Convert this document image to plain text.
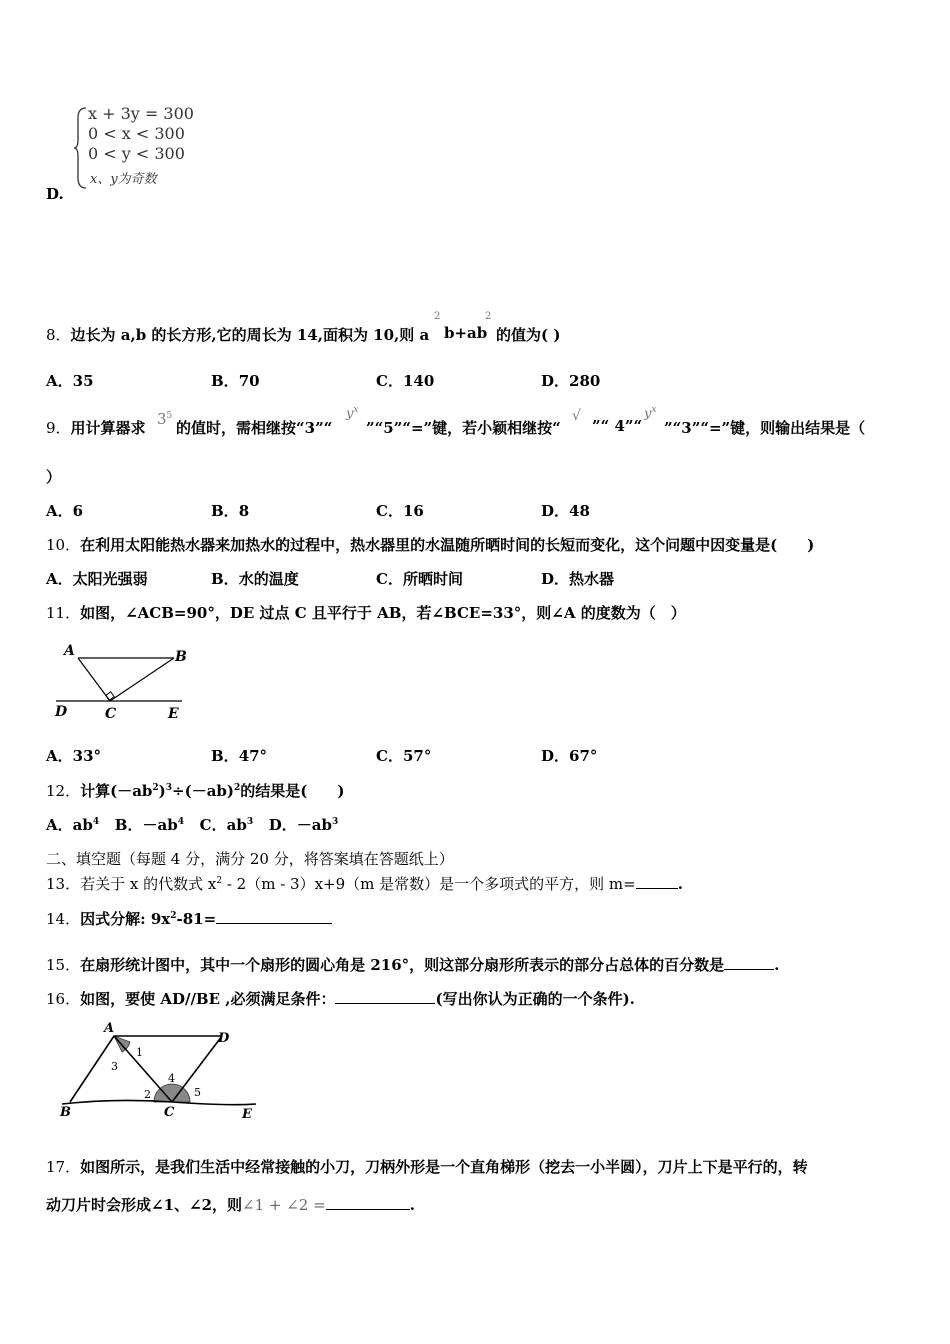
x + 3y = 300
0 < x < 300
0 < y < 300
x、y为奇数
D.
8．边长为 a,b 的长方形,它的周长为 14,面积为 10,则 a
2
b+ab
2
的值为( )
A．35	B．70	C．140	D．280
9．用计算器求 $3^5$
的值时，需相继按“3”“
$y^x$
”“5”“=”键，若小颖相继按“
√
”“ 4”“
$y^x$
”“3”“=”键，则输出结果是（
）
A．6	B．8	C．16	D．48
10．在利用太阳能热水器来加热水的过程中，热水器里的水温随所晒时间的长短而变化，这个问题中因变量是(　　)
A．太阳光强弱	B．水的温度	C．所晒时间	D．热水器
11．如图，∠ACB=90°，DE 过点 C 且平行于 AB，若∠BCE=33°，则∠A 的度数为（　）
A	B
D	C	E
A．33°	B．47°	C．57°	D．67°
12．计算$(-ab^2)^3\div(-ab)^2$的结果是(　　)
A．$ab^4$ B．$-ab^4$ C．$ab^3$ D．$-ab^3$
二、填空题（每题 4 分，满分 20 分，将答案填在答题纸上）
13．若关于 x 的代数式 $x^2 - 2(m - 3)x+9(m$ 是常数）是一个多项式的平方，则 m=	.
14．因式分解: $9x^2-81=$
15．在扇形统计图中，其中一个扇形的圆心角是 216°，则这部分扇形所表示的部分占总体的百分数是	.
16．如图，要使 AD//BE ,必须满足条件：	(写出你认为正确的一个条件).
A
D
B	C	E
1
2
3
4
5
17．如图所示，是我们生活中经常接触的小刀，刀柄外形是一个直角梯形（挖去一小半圆），刀片上下是平行的，转
动刀片时会形成∠1、∠2，则∠1 + ∠2 =	.
